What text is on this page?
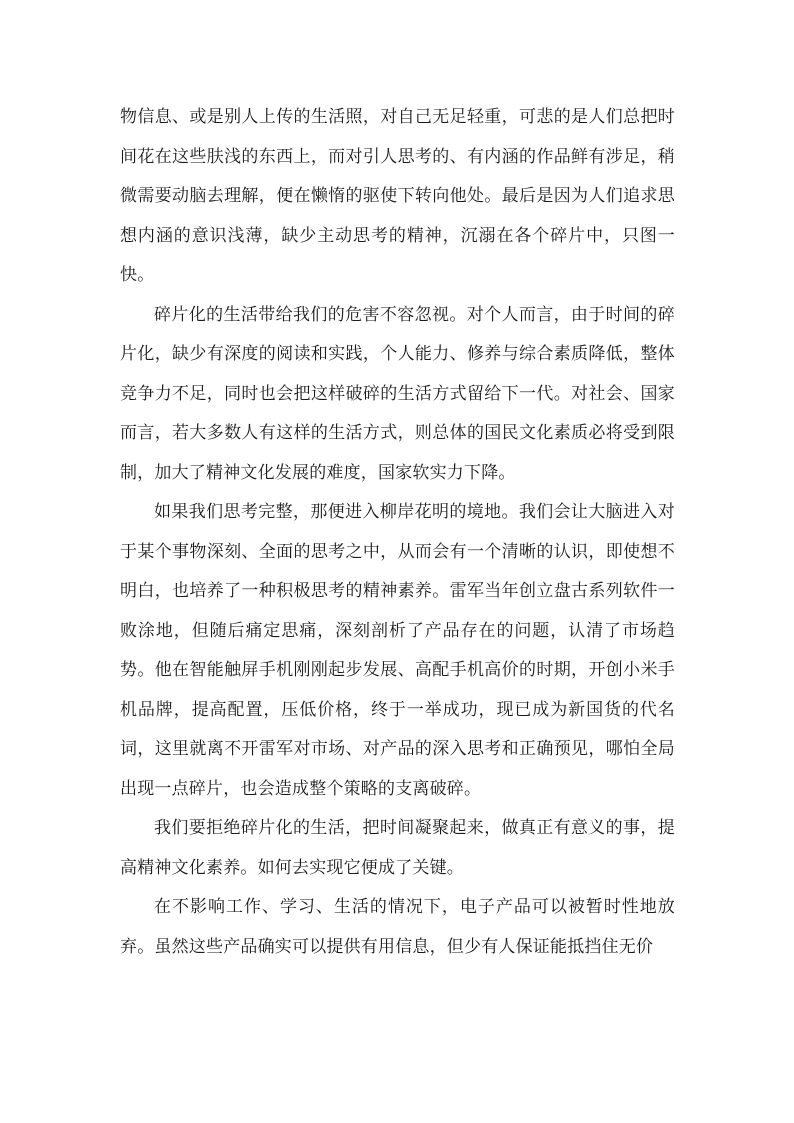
物信息、或是别人上传的生活照，对自己无足轻重，可悲的是人们总把时间花在这些肤浅的东西上，而对引人思考的、有内涵的作品鲜有涉足，稍微需要动脑去理解，便在懒惰的驱使下转向他处。最后是因为人们追求思想内涵的意识浅薄，缺少主动思考的精神，沉溺在各个碎片中，只图一快。

碎片化的生活带给我们的危害不容忽视。对个人而言，由于时间的碎片化，缺少有深度的阅读和实践，个人能力、修养与综合素质降低，整体竞争力不足，同时也会把这样破碎的生活方式留给下一代。对社会、国家而言，若大多数人有这样的生活方式，则总体的国民文化素质必将受到限制，加大了精神文化发展的难度，国家软实力下降。

如果我们思考完整，那便进入柳岸花明的境地。我们会让大脑进入对于某个事物深刻、全面的思考之中，从而会有一个清晰的认识，即使想不明白，也培养了一种积极思考的精神素养。雷军当年创立盘古系列软件一败涂地，但随后痛定思痛，深刻剖析了产品存在的问题，认清了市场趋势。他在智能触屏手机刚刚起步发展、高配手机高价的时期，开创小米手机品牌，提高配置，压低价格，终于一举成功，现已成为新国货的代名词，这里就离不开雷军对市场、对产品的深入思考和正确预见，哪怕全局出现一点碎片，也会造成整个策略的支离破碎。

我们要拒绝碎片化的生活，把时间凝聚起来，做真正有意义的事，提高精神文化素养。如何去实现它便成了关键。

在不影响工作、学习、生活的情况下，电子产品可以被暂时性地放弃。虽然这些产品确实可以提供有用信息，但少有人保证能抵挡住无价
